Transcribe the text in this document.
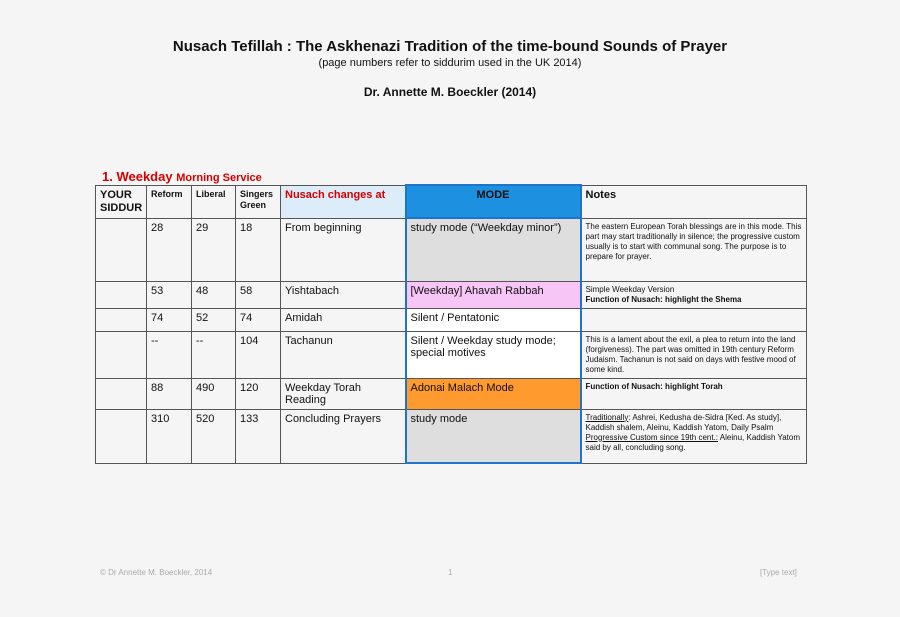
Nusach Tefillah : The Askhenazi Tradition of the time-bound Sounds of Prayer
(page numbers refer to siddurim used in the UK 2014)
Dr. Annette M. Boeckler (2014)
1. Weekday Morning Service
YOUR SIDDUR	Reform	Liberal	Singers Green	Nusach changes at	MODE	Notes
	28	29	18	From beginning	study mode (“Weekday minor”)	The eastern European Torah blessings are in this mode. This part may start traditionally in silence; the progressive custom usually is to start with communal song. The purpose is to prepare for prayer.
	53	48	58	Yishtabach	[Weekday] Ahavah Rabbah	Simple Weekday Version
Function of Nusach: highlight the Shema

	74	52	74	Amidah	Silent / Pentatonic	
	--	--	104	Tachanun	Silent / Weekday study mode; special motives	This is a lament about the exil, a plea to return into the land (forgiveness). The part was omitted in 19th century Reform Judaism. Tachanun is not said on days with festive mood of some kind.
	88	490	120	Weekday Torah Reading	Adonai Malach Mode	Function of Nusach: highlight Torah
	310	520	133	Concluding Prayers	study mode	Traditionally: Ashrei, Kedusha de-Sidra [Ked. As study], Kaddish shalem, Aleinu, Kaddish Yatom, Daily Psalm
Progressive Custom since 19th cent.: Aleinu, Kaddish Yatom said by all, concluding song.
© Dr Annette M. Boeckler, 2014	1	[Type text]
